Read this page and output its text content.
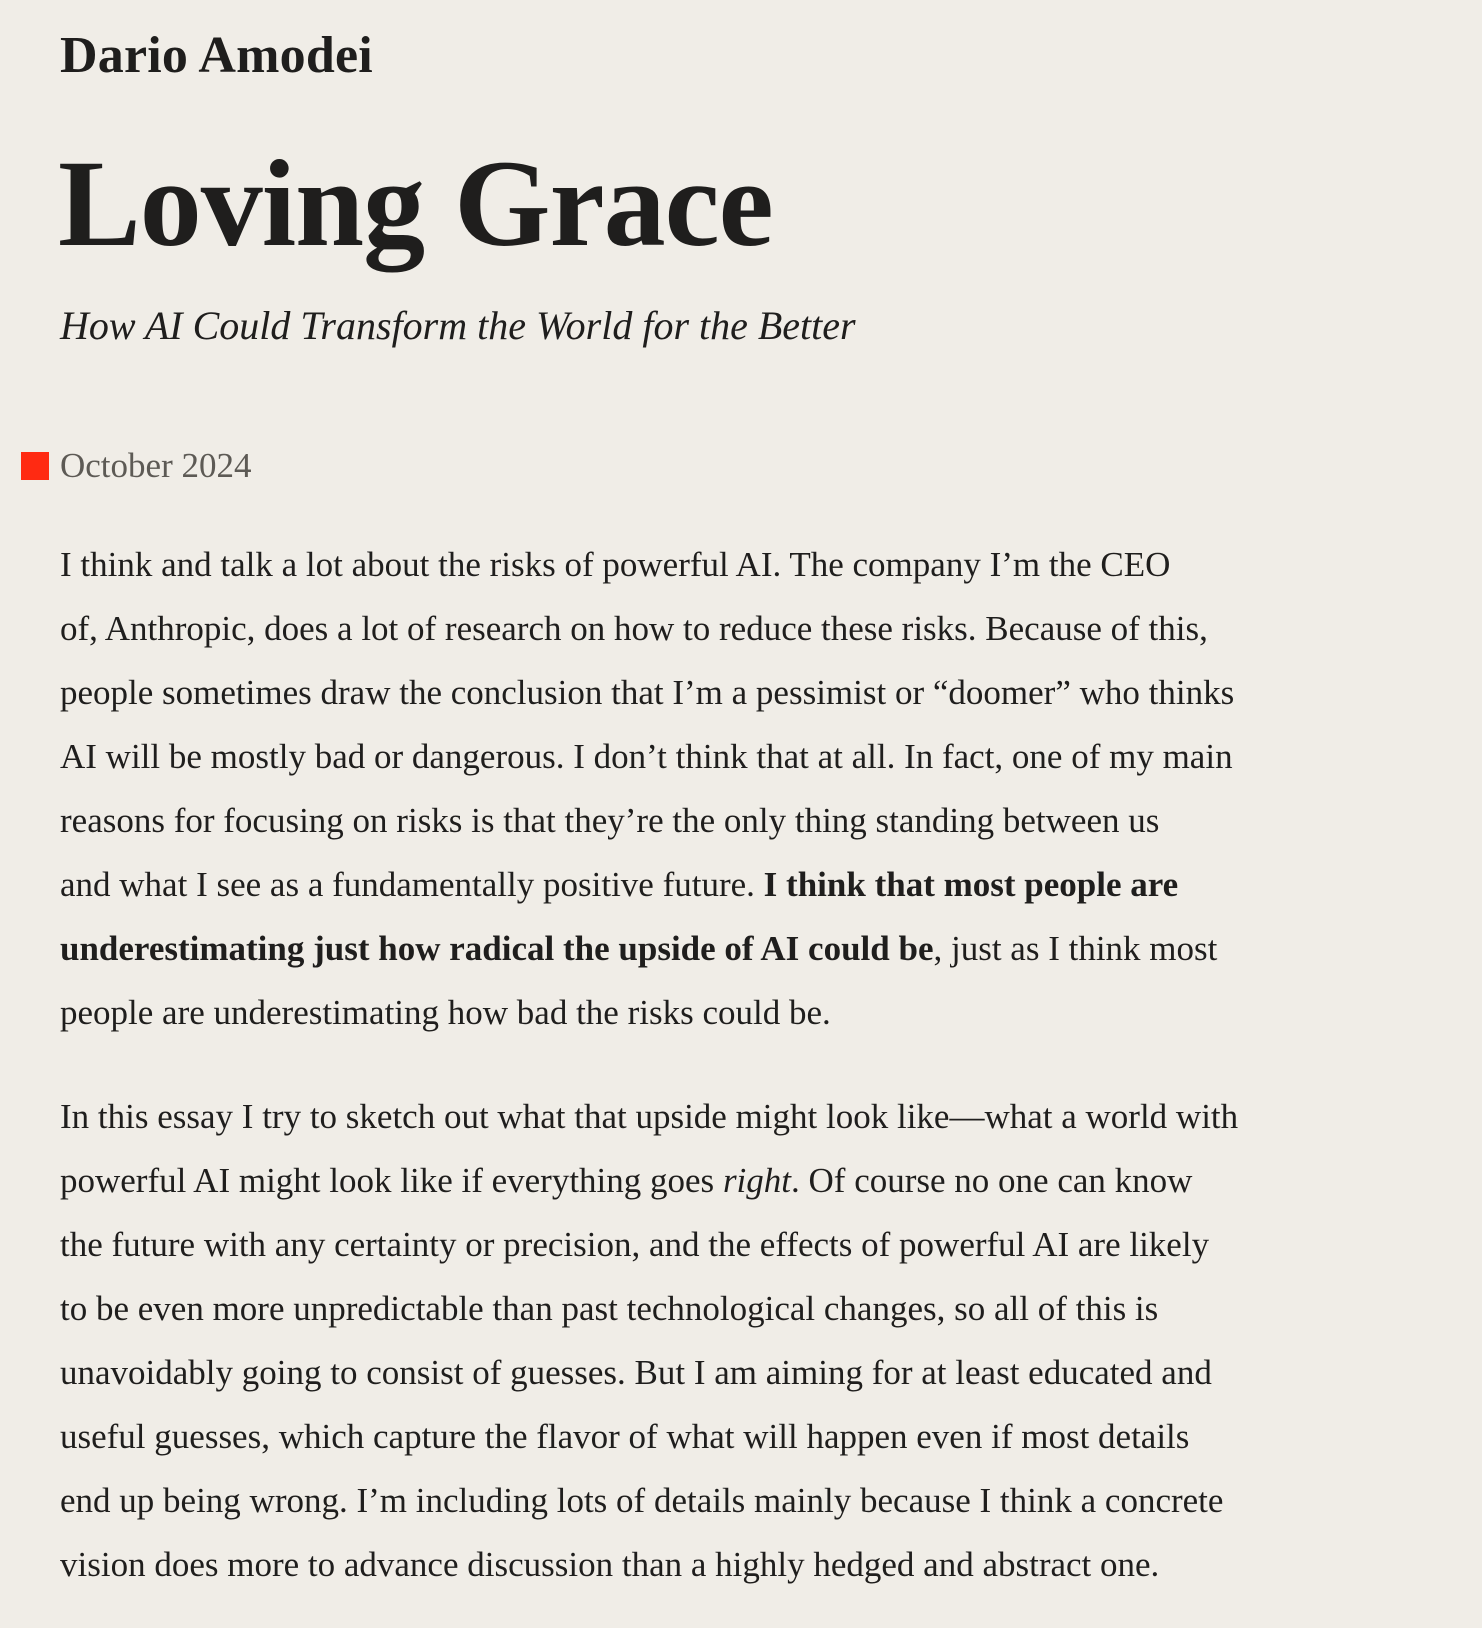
Dario Amodei
Loving Grace
How AI Could Transform the World for the Better
October 2024

I think and talk a lot about the risks of powerful AI. The company I’m the CEO
of, Anthropic, does a lot of research on how to reduce these risks. Because of this,
people sometimes draw the conclusion that I’m a pessimist or “doomer” who thinks
AI will be mostly bad or dangerous. I don’t think that at all. In fact, one of my main
reasons for focusing on risks is that they’re the only thing standing between us
and what I see as a fundamentally positive future. I think that most people are
underestimating just how radical the upside of AI could be, just as I think most
people are underestimating how bad the risks could be.

In this essay I try to sketch out what that upside might look like—what a world with
powerful AI might look like if everything goes right. Of course no one can know
the future with any certainty or precision, and the effects of powerful AI are likely
to be even more unpredictable than past technological changes, so all of this is
unavoidably going to consist of guesses. But I am aiming for at least educated and
useful guesses, which capture the flavor of what will happen even if most details
end up being wrong. I’m including lots of details mainly because I think a concrete
vision does more to advance discussion than a highly hedged and abstract one.
